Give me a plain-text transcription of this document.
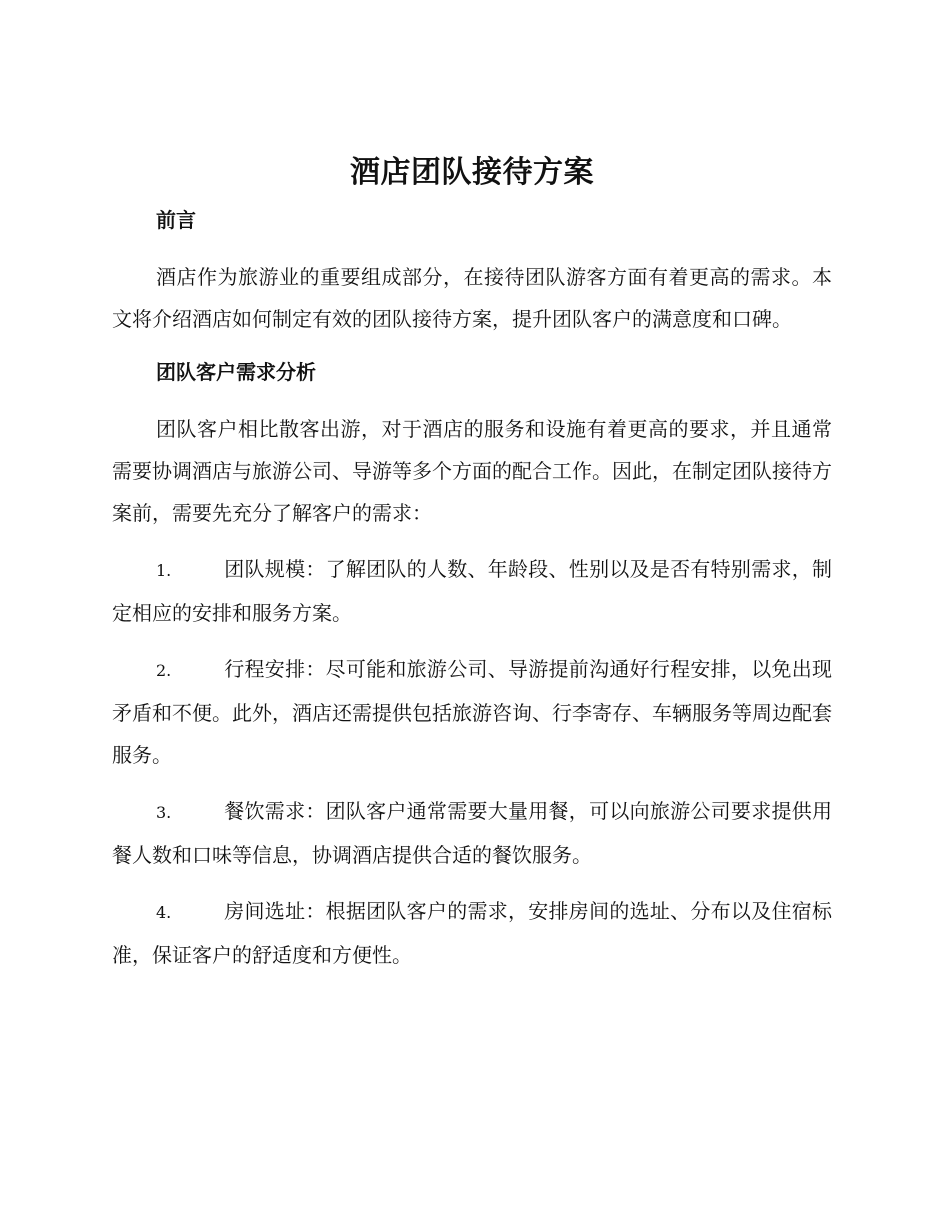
酒店团队接待方案
前言

酒店作为旅游业的重要组成部分，在接待团队游客方面有着更高的需求。本文将介绍酒店如何制定有效的团队接待方案，提升团队客户的满意度和口碑。

团队客户需求分析

团队客户相比散客出游，对于酒店的服务和设施有着更高的要求，并且通常需要协调酒店与旅游公司、导游等多个方面的配合工作。因此，在制定团队接待方案前，需要先充分了解客户的需求：

1.	团队规模：了解团队的人数、年龄段、性别以及是否有特别需求，制定相应的安排和服务方案。

2.	行程安排：尽可能和旅游公司、导游提前沟通好行程安排，以免出现矛盾和不便。此外，酒店还需提供包括旅游咨询、行李寄存、车辆服务等周边配套服务。

3.	餐饮需求：团队客户通常需要大量用餐，可以向旅游公司要求提供用餐人数和口味等信息，协调酒店提供合适的餐饮服务。

4.	房间选址：根据团队客户的需求，安排房间的选址、分布以及住宿标准，保证客户的舒适度和方便性。
